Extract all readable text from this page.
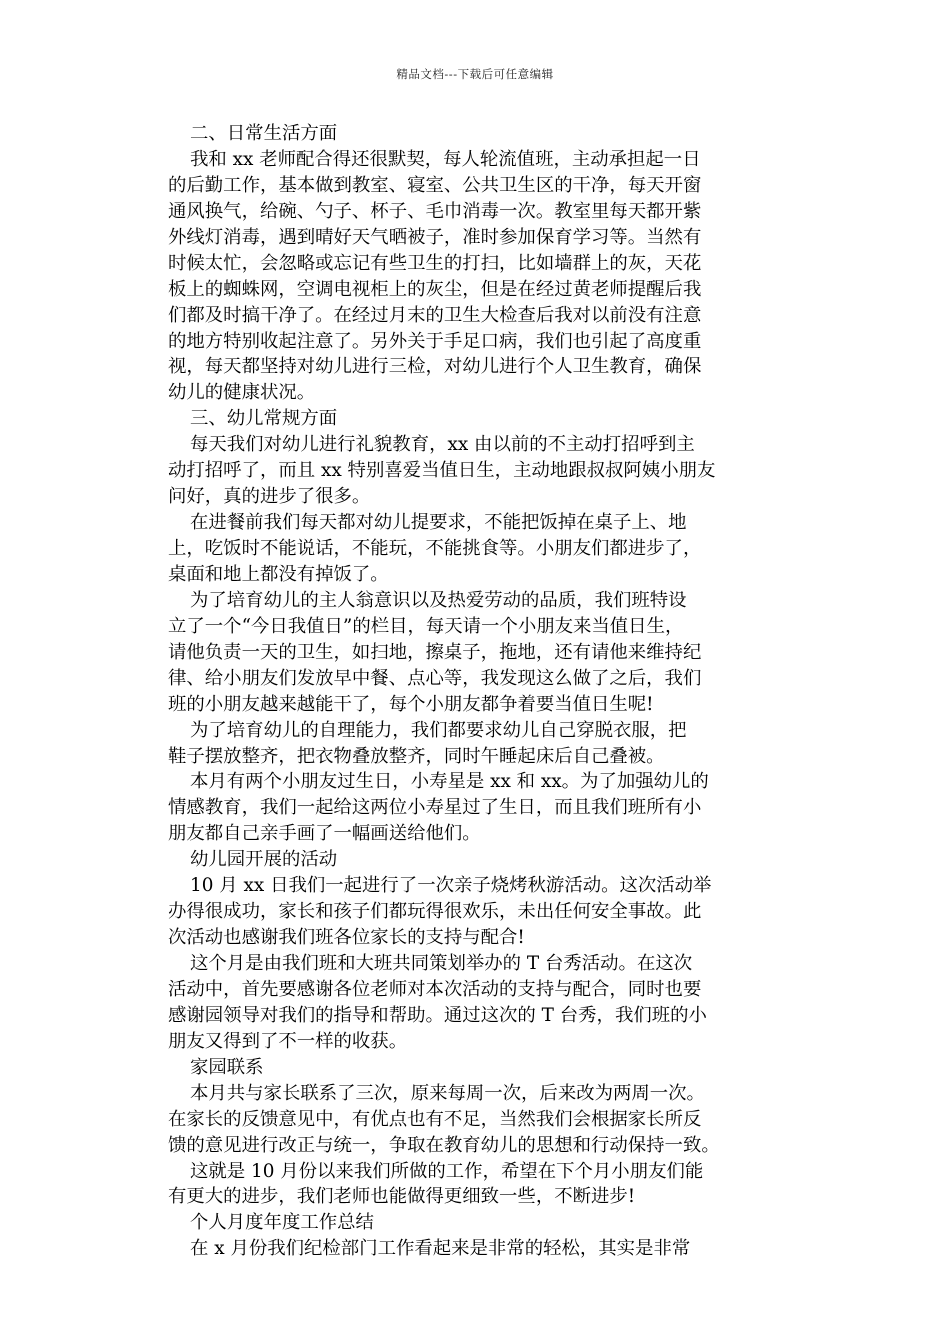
精品文档---下载后可任意编辑
二、日常生活方面
我和 xx 老师配合得还很默契，每人轮流值班，主动承担起一日
的后勤工作，基本做到教室、寝室、公共卫生区的干净，每天开窗
通风换气，给碗、勺子、杯子、毛巾消毒一次。教室里每天都开紫
外线灯消毒，遇到晴好天气晒被子，准时参加保育学习等。当然有
时候太忙，会忽略或忘记有些卫生的打扫，比如墙群上的灰，天花
板上的蜘蛛网，空调电视柜上的灰尘，但是在经过黄老师提醒后我
们都及时搞干净了。在经过月末的卫生大检查后我对以前没有注意
的地方特别收起注意了。另外关于手足口病，我们也引起了高度重
视，每天都坚持对幼儿进行三检，对幼儿进行个人卫生教育，确保
幼儿的健康状况。
三、幼儿常规方面
每天我们对幼儿进行礼貌教育，xx 由以前的不主动打招呼到主
动打招呼了，而且 xx 特别喜爱当值日生，主动地跟叔叔阿姨小朋友
问好，真的进步了很多。
在进餐前我们每天都对幼儿提要求，不能把饭掉在桌子上、地
上，吃饭时不能说话，不能玩，不能挑食等。小朋友们都进步了，
桌面和地上都没有掉饭了。
为了培育幼儿的主人翁意识以及热爱劳动的品质，我们班特设
立了一个“今日我值日”的栏目，每天请一个小朋友来当值日生，
请他负责一天的卫生，如扫地，擦桌子，拖地，还有请他来维持纪
律、给小朋友们发放早中餐、点心等，我发现这么做了之后，我们
班的小朋友越来越能干了，每个小朋友都争着要当值日生呢!
为了培育幼儿的自理能力，我们都要求幼儿自己穿脱衣服，把
鞋子摆放整齐，把衣物叠放整齐，同时午睡起床后自己叠被。
本月有两个小朋友过生日，小寿星是 xx 和 xx。为了加强幼儿的
情感教育，我们一起给这两位小寿星过了生日，而且我们班所有小
朋友都自己亲手画了一幅画送给他们。
幼儿园开展的活动
10 月 xx 日我们一起进行了一次亲子烧烤秋游活动。这次活动举
办得很成功，家长和孩子们都玩得很欢乐，未出任何安全事故。此
次活动也感谢我们班各位家长的支持与配合!
这个月是由我们班和大班共同策划举办的 T 台秀活动。在这次
活动中，首先要感谢各位老师对本次活动的支持与配合，同时也要
感谢园领导对我们的指导和帮助。通过这次的 T 台秀，我们班的小
朋友又得到了不一样的收获。
家园联系
本月共与家长联系了三次，原来每周一次，后来改为两周一次。
在家长的反馈意见中，有优点也有不足，当然我们会根据家长所反
馈的意见进行改正与统一，争取在教育幼儿的思想和行动保持一致。
这就是 10 月份以来我们所做的工作，希望在下个月小朋友们能
有更大的进步，我们老师也能做得更细致一些，不断进步!
个人月度年度工作总结
在 x 月份我们纪检部门工作看起来是非常的轻松，其实是非常
